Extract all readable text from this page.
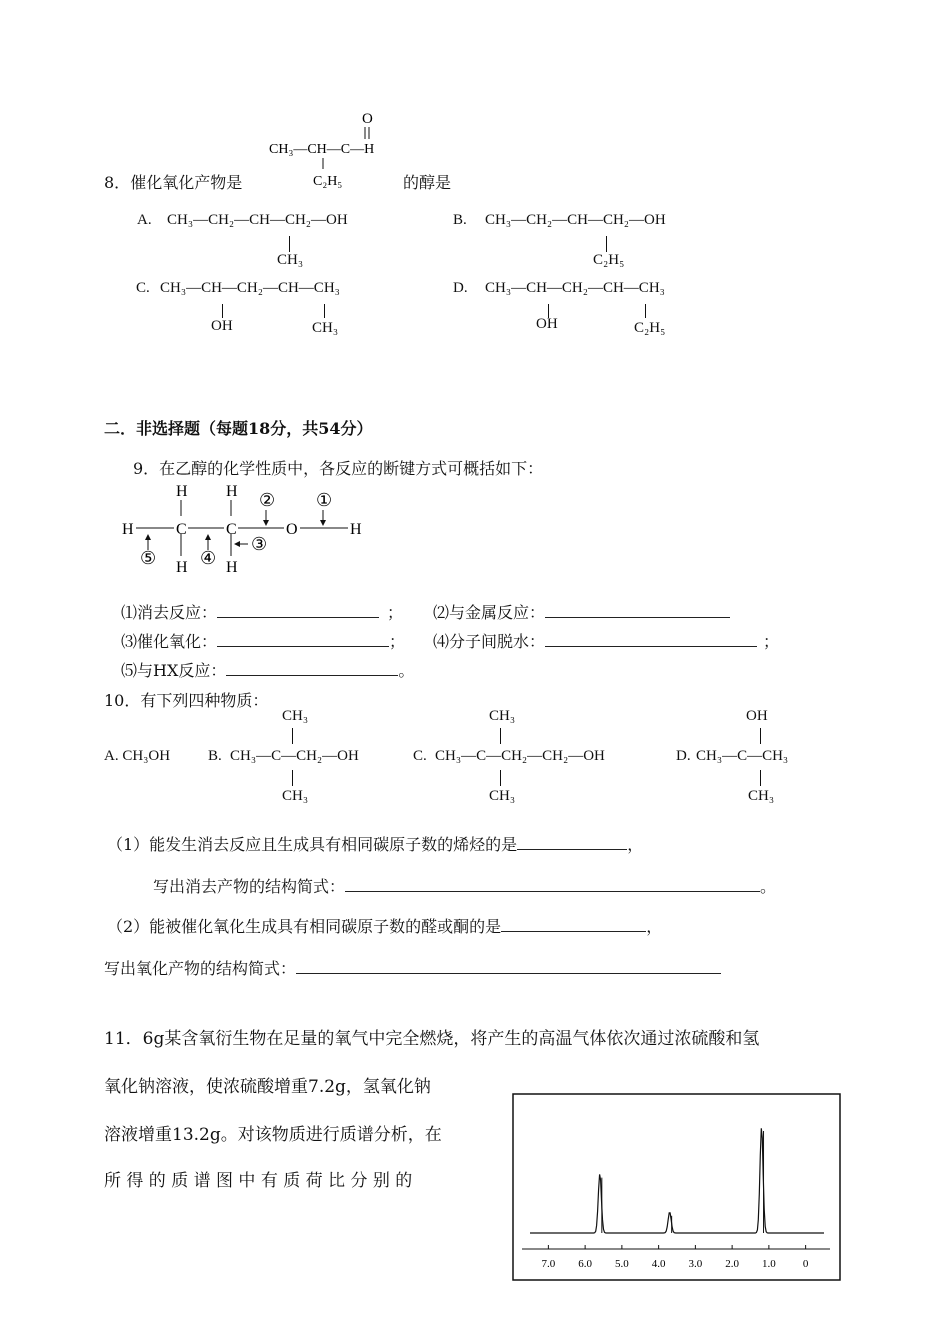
O
CH₃—CH—C—H
C₂H₅
8．催化氧化产物是	的醇是
A. CH₃—CH₂—CH—CH₂—OH
CH₃
B. CH₃—CH₂—CH—CH₂—OH
C₂H₅
C. CH₃—CH—CH₂—CH—CH₃
OH	CH₃
D. CH₃—CH—CH₂—CH—CH₃
OH	C₂H₅
二．非选择题（每题18分，共54分）
9．在乙醇的化学性质中，各反应的断键方式可概括如下：
H	C C	O	H
H H
H H
①
②
③
④
⑤
⑴消去反应：	； ⑵与金属反应：
⑶催化氧化：	； ⑷分子间脱水：	；
⑸与HX反应：	。
10．有下列四种物质：
A. CH₃OH	B.
CH₃
CH₃—C—CH₂—OH
CH₃
C.
CH₃
CH₃—C—CH₂—CH₂—OH
CH₃
D.
OH
CH₃—C—CH₃
CH₃
（1）能发生消去反应且生成具有相同碳原子数的烯烃的是	，
写出消去产物的结构简式：	。
（2）能被催化氧化生成具有相同碳原子数的醛或酮的是	，
写出氧化产物的结构简式：
11．6g某含氧衍生物在足量的氧气中完全燃烧，将产生的高温气体依次通过浓硫酸和氢
氧化钠溶液，使浓硫酸增重7.2g，氢氧化钠
溶液增重13.2g。对该物质进行质谱分析，在
所 得 的 质 谱 图 中 有 质 荷 比 分 别 的
7.0 6.0 5.0 4.0 3.0 2.0 1.0 0
